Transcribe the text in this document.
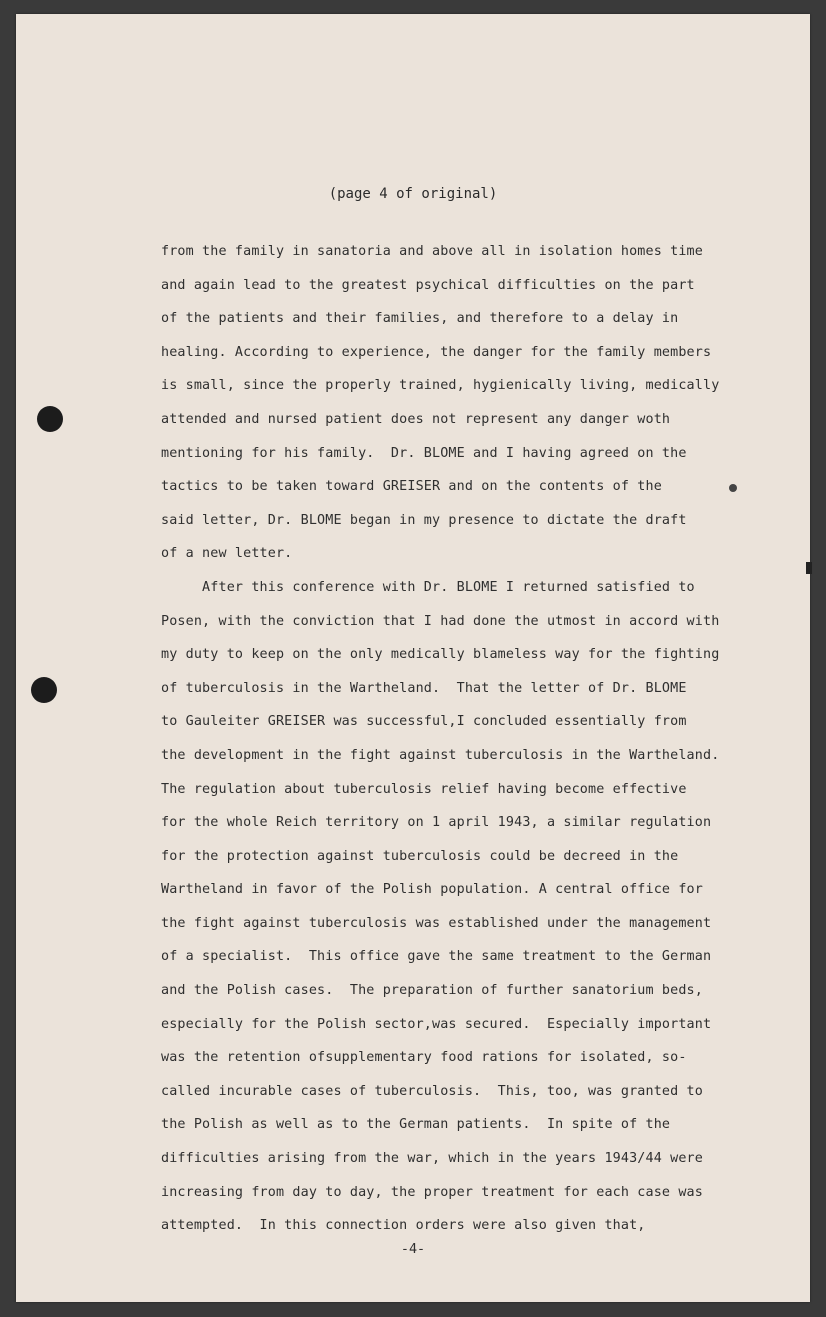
(page 4 of original)
from the family in sanatoria and above all in isolation homes time
and again lead to the greatest psychical difficulties on the part
of the patients and their families, and therefore to a delay in
healing. According to experience, the danger for the family members
is small, since the properly trained, hygienically living, medically
attended and nursed patient does not represent any danger woth
mentioning for his family.  Dr. BLOME and I having agreed on the
tactics to be taken toward GREISER and on the contents of the
said letter, Dr. BLOME began in my presence to dictate the draft
of a new letter.
After this conference with Dr. BLOME I returned satisfied to
Posen, with the conviction that I had done the utmost in accord with
my duty to keep on the only medically blameless way for the fighting
of tuberculosis in the Wartheland.  That the letter of Dr. BLOME
to Gauleiter GREISER was successful,I concluded essentially from
the development in the fight against tuberculosis in the Wartheland.
The regulation about tuberculosis relief having become effective
for the whole Reich territory on 1 april 1943, a similar regulation
for the protection against tuberculosis could be decreed in the
Wartheland in favor of the Polish population. A central office for
the fight against tuberculosis was established under the management
of a specialist.  This office gave the same treatment to the German
and the Polish cases.  The preparation of further sanatorium beds,
especially for the Polish sector,was secured.  Especially important
was the retention ofsupplementary food rations for isolated, so-
called incurable cases of tuberculosis.  This, too, was granted to
the Polish as well as to the German patients.  In spite of the
difficulties arising from the war, which in the years 1943/44 were
increasing from day to day, the proper treatment for each case was
attempted.  In this connection orders were also given that,
-4-
